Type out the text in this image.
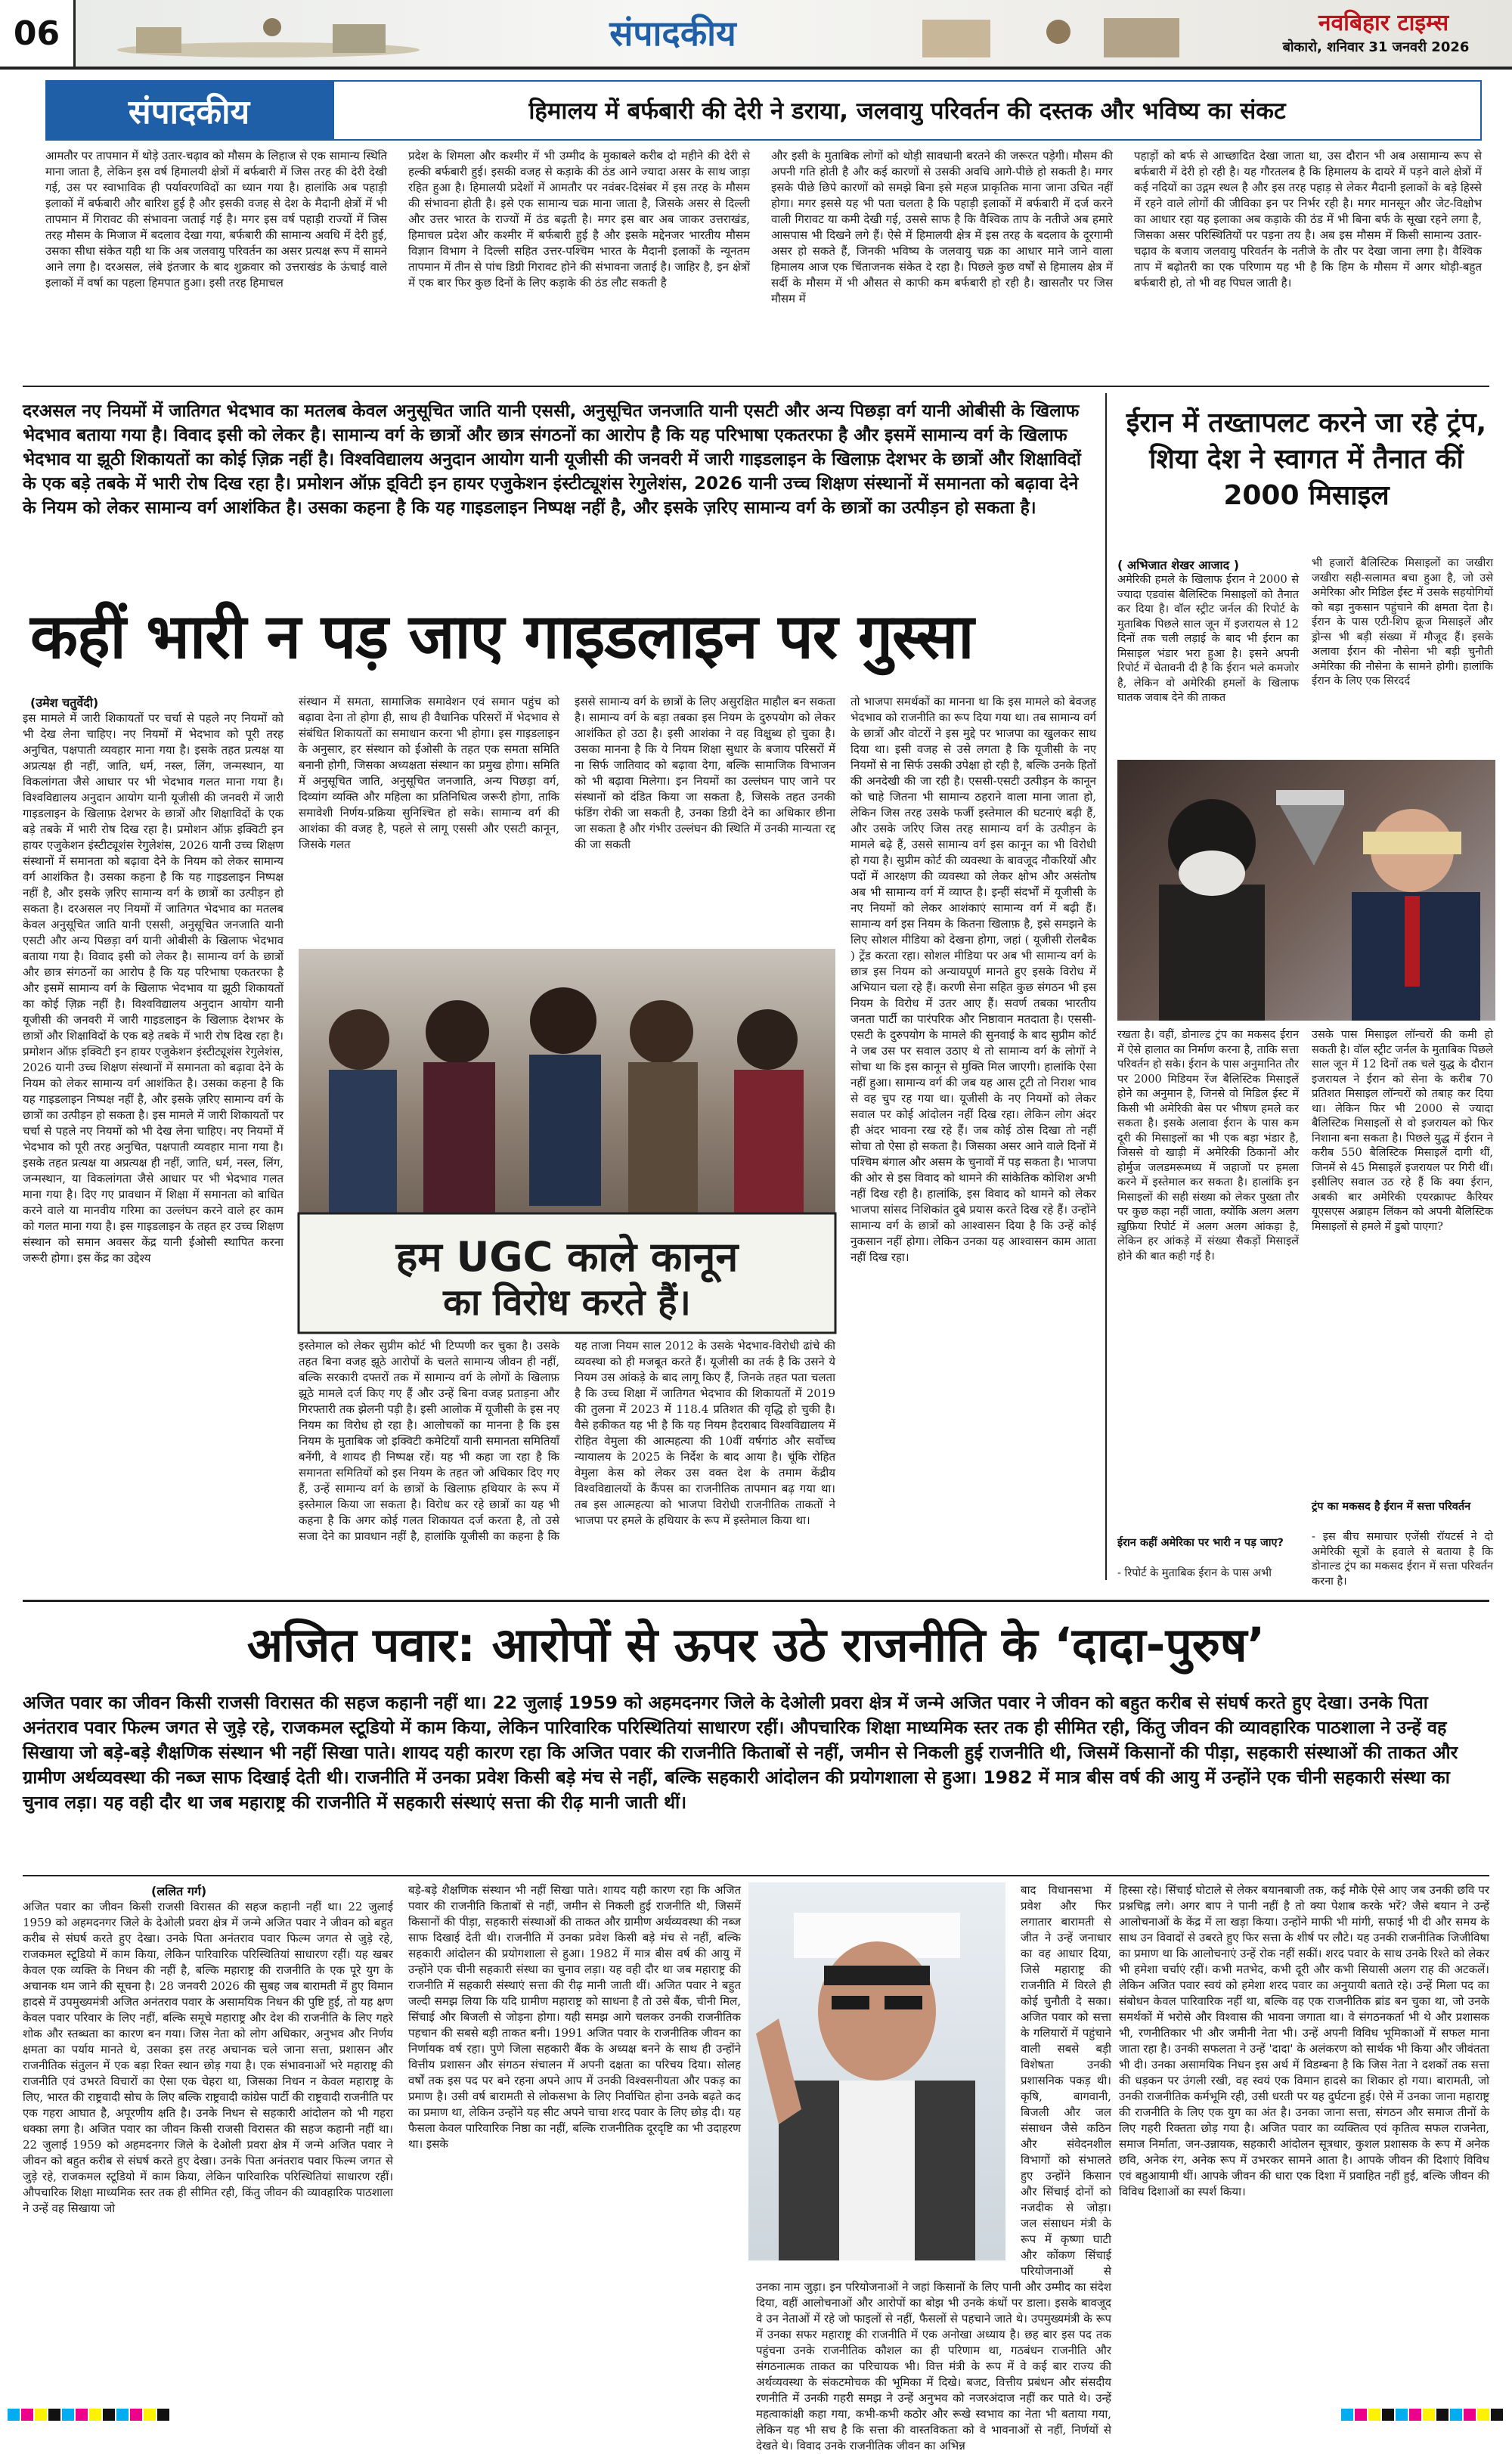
06	संपादकीय	नवबिहार टाइम्स
बोकारो, शनिवार 31 जनवरी 2026
संपादकीय	हिमालय में बर्फबारी की देरी ने डराया, जलवायु परिवर्तन की दस्तक और भविष्य का संकट
आमतौर पर तापमान में थोड़े उतार-चढ़ाव को मौसम के लिहाज से एक सामान्य स्थिति माना जाता है, लेकिन इस वर्ष हिमालयी क्षेत्रों में बर्फबारी में जिस तरह की देरी देखी गई, उस पर स्वाभाविक ही पर्यावरणविदों का ध्यान गया है। हालांकि अब पहाड़ी इलाकों में बर्फबारी और बारिश हुई है और इसकी वजह से देश के मैदानी क्षेत्रों में भी तापमान में गिरावट की संभावना जताई गई है। मगर इस वर्ष पहाड़ी राज्यों में जिस तरह मौसम के मिजाज में बदलाव देखा गया, बर्फबारी की सामान्य अवधि में देरी हुई, उसका सीधा संकेत यही था कि अब जलवायु परिवर्तन का असर प्रत्यक्ष रूप में सामने आने लगा है। दरअसल, लंबे इंतजार के बाद शुक्रवार को उत्तराखंड के ऊंचाई वाले इलाकों में वर्षा का पहला हिमपात हुआ। इसी तरह हिमाचल
प्रदेश के शिमला और कश्मीर में भी उम्मीद के मुकाबले करीब दो महीने की देरी से हल्की बर्फबारी हुई। इसकी वजह से कड़ाके की ठंड आने ज्यादा असर के साथ जाड़ा रहित हुआ है। हिमालयी प्रदेशों में आमतौर पर नवंबर-दिसंबर में इस तरह के मौसम की संभावना होती है। इसे एक सामान्य चक्र माना जाता है, जिसके असर से दिल्ली और उत्तर भारत के राज्यों में ठंड बढ़ती है। मगर इस बार अब जाकर उत्तराखंड, हिमाचल प्रदेश और कश्मीर में बर्फबारी हुई है और इसके मद्देनजर भारतीय मौसम विज्ञान विभाग ने दिल्ली सहित उत्तर-पश्चिम भारत के मैदानी इलाकों के न्यूनतम तापमान में तीन से पांच डिग्री गिरावट होने की संभावना जताई है। जाहिर है, इन क्षेत्रों में एक बार फिर कुछ दिनों के लिए कड़ाके की ठंड लौट सकती है
और इसी के मुताबिक लोगों को थोड़ी सावधानी बरतने की जरूरत पड़ेगी। मौसम की अपनी गति होती है और कई कारणों से उसकी अवधि आगे-पीछे हो सकती है। मगर इसके पीछे छिपे कारणों को समझे बिना इसे महज प्राकृतिक माना जाना उचित नहीं होगा। मगर इससे यह भी पता चलता है कि पहाड़ी इलाकों में बर्फबारी में दर्ज करने वाली गिरावट या कमी देखी गई, उससे साफ है कि वैश्विक ताप के नतीजे अब हमारे आसपास भी दिखने लगे हैं। ऐसे में हिमालयी क्षेत्र में इस तरह के बदलाव के दूरगामी असर हो सकते हैं, जिनकी भविष्य के जलवायु चक्र का आधार माने जाने वाला हिमालय आज एक चिंताजनक संकेत दे रहा है। पिछले कुछ वर्षों से हिमालय क्षेत्र में सर्दी के मौसम में भी औसत से काफी कम बर्फबारी हो रही है। खासतौर पर जिस मौसम में
पहाड़ों को बर्फ से आच्छादित देखा जाता था, उस दौरान भी अब असामान्य रूप से बर्फबारी में देरी हो रही है। यह गौरतलब है कि हिमालय के दायरे में पड़ने वाले क्षेत्रों में कई नदियों का उद्गम स्थल है और इस तरह पहाड़ से लेकर मैदानी इलाकों के बड़े हिस्से में रहने वाले लोगों की जीविका इन पर निर्भर रही है। मगर मानसून और जेट-विक्षोभ का आधार रहा यह इलाका अब कड़ाके की ठंड में भी बिना बर्फ के सूखा रहने लगा है, जिसका असर परिस्थितियों पर पड़ना तय है। अब इस मौसम में किसी सामान्य उतार-चढ़ाव के बजाय जलवायु परिवर्तन के नतीजे के तौर पर देखा जाना लगा है। वैश्विक ताप में बढ़ोतरी का एक परिणाम यह भी है कि हिम के मौसम में अगर थोड़ी-बहुत बर्फबारी हो, तो भी वह पिघल जाती है।
दरअसल नए नियमों में जातिगत भेदभाव का मतलब केवल अनुसूचित जाति यानी एससी, अनुसूचित जनजाति यानी एसटी और अन्य पिछड़ा वर्ग यानी ओबीसी के खिलाफ भेदभाव बताया गया है। विवाद इसी को लेकर है। सामान्य वर्ग के छात्रों और छात्र संगठनों का आरोप है कि यह परिभाषा एकतरफा है और इसमें सामान्य वर्ग के खिलाफ भेदभाव या झूठी शिकायतों का कोई ज़िक्र नहीं है। विश्वविद्यालय अनुदान आयोग यानी यूजीसी की जनवरी में जारी गाइडलाइन के खिलाफ़ देशभर के छात्रों और शिक्षाविदों के एक बड़े तबके में भारी रोष दिख रहा है। प्रमोशन ऑफ़ इ्विटी इन हायर एजुकेशन इंस्टीट्यूशंस रेगुलेशंस, 2026 यानी उच्च शिक्षण संस्थानों में समानता को बढ़ावा देने के नियम को लेकर सामान्य वर्ग आशंकित है। उसका कहना है कि यह गाइडलाइन निष्पक्ष नहीं है, और इसके ज़रिए सामान्य वर्ग के छात्रों का उत्पीड़न हो सकता है।
कहीं भारी न पड़ जाए गाइडलाइन पर गुस्सा
(उमेश चतुर्वेदी)
इस मामले में जारी शिकायतों पर चर्चा से पहले नए नियमों को भी देख लेना चाहिए। नए नियमों में भेदभाव को पूरी तरह अनुचित, पक्षपाती व्यवहार माना गया है। इसके तहत प्रत्यक्ष या अप्रत्यक्ष ही नहीं, जाति, धर्म, नस्ल, लिंग, जन्मस्थान, या विकलांगता जैसे आधार पर भी भेदभाव गलत माना गया है। विश्वविद्यालय अनुदान आयोग यानी यूजीसी की जनवरी में जारी गाइडलाइन के खिलाफ़ देशभर के छात्रों और शिक्षाविदों के एक बड़े तबके में भारी रोष दिख रहा है। प्रमोशन ऑफ़ इक्विटी इन हायर एजुकेशन इंस्टीट्यूशंस रेगुलेशंस, 2026 यानी उच्च शिक्षण संस्थानों में समानता को बढ़ावा देने के नियम को लेकर सामान्य वर्ग आशंकित है। उसका कहना है कि यह गाइडलाइन निष्पक्ष नहीं है, और इसके ज़रिए सामान्य वर्ग के छात्रों का उत्पीड़न हो सकता है। दरअसल नए नियमों में जातिगत भेदभाव का मतलब केवल अनुसूचित जाति यानी एससी, अनुसूचित जनजाति यानी एसटी और अन्य पिछड़ा वर्ग यानी ओबीसी के खिलाफ भेदभाव बताया गया है। विवाद इसी को लेकर है। सामान्य वर्ग के छात्रों और छात्र संगठनों का आरोप है कि यह परिभाषा एकतरफा है और इसमें सामान्य वर्ग के खिलाफ भेदभाव या झूठी शिकायतों का कोई ज़िक्र नहीं है। विश्वविद्यालय अनुदान आयोग यानी यूजीसी की जनवरी में जारी गाइडलाइन के खिलाफ़ देशभर के छात्रों और शिक्षाविदों के एक बड़े तबके में भारी रोष दिख रहा है। प्रमोशन ऑफ़ इक्विटी इन हायर एजुकेशन इंस्टीट्यूशंस रेगुलेशंस, 2026 यानी उच्च शिक्षण संस्थानों में समानता को बढ़ावा देने के नियम को लेकर सामान्य वर्ग आशंकित है। उसका कहना है कि यह गाइडलाइन निष्पक्ष नहीं है, और इसके ज़रिए सामान्य वर्ग के छात्रों का उत्पीड़न हो सकता है। इस मामले में जारी शिकायतों पर चर्चा से पहले नए नियमों को भी देख लेना चाहिए। नए नियमों में भेदभाव को पूरी तरह अनुचित, पक्षपाती व्यवहार माना गया है। इसके तहत प्रत्यक्ष या अप्रत्यक्ष ही नहीं, जाति, धर्म, नस्ल, लिंग, जन्मस्थान, या विकलांगता जैसे आधार पर भी भेदभाव गलत माना गया है। दिए गए प्रावधान में शिक्षा में समानता को बाधित करने वाले या मानवीय गरिमा का उल्लंघन करने वाले हर काम को गलत माना गया है। इस गाइडलाइन के तहत हर उच्च शिक्षण संस्थान को समान अवसर केंद्र यानी ईओसी स्थापित करना जरूरी होगा। इस केंद्र का उद्देश्य
संस्थान में समता, सामाजिक समावेशन एवं समान पहुंच को बढ़ावा देना तो होगा ही, साथ ही वैधानिक परिसरों में भेदभाव से संबंधित शिकायतों का समाधान करना भी होगा। इस गाइडलाइन के अनुसार, हर संस्थान को ईओसी के तहत एक समता समिति बनानी होगी, जिसका अध्यक्षता संस्थान का प्रमुख होगा। समिति में अनुसूचित जाति, अनुसूचित जनजाति, अन्य पिछड़ा वर्ग, दिव्यांग व्यक्ति और महिला का प्रतिनिधित्व जरूरी होगा, ताकि समावेशी निर्णय-प्रक्रिया सुनिश्चित हो सके। सामान्य वर्ग की आशंका की वजह है, पहले से लागू एससी और एसटी कानून, जिसके गलत
इससे सामान्य वर्ग के छात्रों के लिए असुरक्षित माहौल बन सकता है। सामान्य वर्ग के बड़ा तबका इस नियम के दुरुपयोग को लेकर आशंकित हो उठा है। इसी आशंका ने वह विक्षुब्ध हो चुका है। उसका मानना है कि ये नियम शिक्षा सुधार के बजाय परिसरों में ना सिर्फ जातिवाद को बढ़ावा देगा, बल्कि सामाजिक विभाजन को भी बढ़ावा मिलेगा। इन नियमों का उल्लंघन पाए जाने पर संस्थानों को दंडित किया जा सकता है, जिसके तहत उनकी फंडिंग रोकी जा सकती है, उनका डिग्री देने का अधिकार छीना जा सकता है और गंभीर उल्लंघन की स्थिति में उनकी मान्यता रद्द की जा सकती
हम UGC काले कानून
का विरोध करते हैं।
इस्तेमाल को लेकर सुप्रीम कोर्ट भी टिप्पणी कर चुका है। उसके तहत बिना वजह झूठे आरोपों के चलते सामान्य जीवन ही नहीं, बल्कि सरकारी दफ्तरों तक में सामान्य वर्ग के लोगों के खिलाफ़ झूठे मामले दर्ज किए गए हैं और उन्हें बिना वजह प्रताड़ना और गिरफ्तारी तक झेलनी पड़ी है। इसी आलोक में यूजीसी के इस नए नियम का विरोध हो रहा है। आलोचकों का मानना है कि इस नियम के मुताबिक जो इक्विटी कमेटियाँ यानी समानता समितियाँ बनेंगी, वे शायद ही निष्पक्ष रहें। यह भी कहा जा रहा है कि समानता समितियों को इस नियम के तहत जो अधिकार दिए गए हैं, उन्हें सामान्य वर्ग के छात्रों के खिलाफ़ हथियार के रूप में इस्तेमाल किया जा सकता है। विरोध कर रहे छात्रों का यह भी कहना है कि अगर कोई गलत शिकायत दर्ज करता है, तो उसे सजा देने का प्रावधान नहीं है, हालांकि यूजीसी का कहना है कि यह ताजा नियम साल 2012 के उसके भेदभाव-विरोधी ढांचे की व्यवस्था को ही मजबूत करते हैं। यूजीसी का तर्क है कि उसने ये नियम उस आंकड़े के बाद लागू किए हैं, जिनके तहत पता चलता है कि उच्च शिक्षा में जातिगत भेदभाव की शिकायतों में 2019 की तुलना में 2023 में 118.4 प्रतिशत की वृद्धि हो चुकी है। वैसे हकीकत यह भी है कि यह नियम हैदराबाद विश्वविद्यालय में रोहित वेमुला की आत्महत्या की 10वीं वर्षगांठ और सर्वोच्च न्यायालय के 2025 के निर्देश के बाद आया है। चूंकि रोहित वेमुला केस को लेकर उस वक्त देश के तमाम केंद्रीय विश्वविद्यालयों के कैंपस का राजनीतिक तापमान बढ़ गया था। तब इस आत्महत्या को भाजपा विरोधी राजनीतिक ताकतों ने भाजपा पर हमले के हथियार के रूप में इस्तेमाल किया था।
तो भाजपा समर्थकों का मानना था कि इस मामले को बेवजह भेदभाव को राजनीति का रूप दिया गया था। तब सामान्य वर्ग के छात्रों और वोटरों ने इस मुद्दे पर भाजपा का खुलकर साथ दिया था। इसी वजह से उसे लगता है कि यूजीसी के नए नियमों से ना सिर्फ उसकी उपेक्षा हो रही है, बल्कि उनके हितों की अनदेखी की जा रही है। एससी-एसटी उत्पीड़न के कानून को चाहे जितना भी सामान्य ठहराने वाला माना जाता हो, लेकिन जिस तरह उसके फर्जी इस्तेमाल की घटनाएं बढ़ी हैं, और उसके जरिए जिस तरह सामान्य वर्ग के उत्पीड़न के मामले बढ़े हैं, उससे सामान्य वर्ग इस कानून का भी विरोधी हो गया है। सुप्रीम कोर्ट की व्यवस्था के बावजूद नौकरियों और पदों में आरक्षण की व्यवस्था को लेकर क्षोभ और असंतोष अब भी सामान्य वर्ग में व्याप्त है। इन्हीं संदर्भों में यूजीसी के नए नियमों को लेकर आशंकाएं सामान्य वर्ग में बढ़ी हैं। सामान्य वर्ग इस नियम के कितना खिलाफ़ है, इसे समझने के लिए सोशल मीडिया को देखना होगा, जहां ( यूजीसी रोलबैक ) ट्रेंड करता रहा। सोशल मीडिया पर अब भी सामान्य वर्ग के छात्र इस नियम को अन्यायपूर्ण मानते हुए इसके विरोध में अभियान चला रहे हैं। करणी सेना सहित कुछ संगठन भी इस नियम के विरोध में उतर आए हैं। सवर्ण तबका भारतीय जनता पार्टी का पारंपरिक और निष्ठावान मतदाता है। एससी-एसटी के दुरुपयोग के मामले की सुनवाई के बाद सुप्रीम कोर्ट ने जब उस पर सवाल उठाए थे तो सामान्य वर्ग के लोगों ने सोचा था कि इस कानून से मुक्ति मिल जाएगी। हालांकि ऐसा नहीं हुआ। सामान्य वर्ग की जब यह आस टूटी तो निराश भाव से वह चुप रह गया था। यूजीसी के नए नियमों को लेकर सवाल पर कोई आंदोलन नहीं दिख रहा। लेकिन लोग अंदर ही अंदर भावना रख रहे हैं। जब कोई ठोस दिखा तो नहीं सोचा तो ऐसा हो सकता है। जिसका असर आने वाले दिनों में पश्चिम बंगाल और असम के चुनावों में पड़ सकता है। भाजपा की ओर से इस विवाद को थामने की सांकेतिक कोशिश अभी नहीं दिख रही है। हालांकि, इस विवाद को थामने को लेकर भाजपा सांसद निशिकांत दुबे प्रयास करते दिख रहे हैं। उन्होंने सामान्य वर्ग के छात्रों को आश्वासन दिया है कि उन्हें कोई नुकसान नहीं होगा। लेकिन उनका यह आश्वासन काम आता नहीं दिख रहा।
ईरान में तख्तापलट करने जा रहे ट्रंप, शिया देश ने स्वागत में तैनात कीं 2000 मिसाइल
( अभिजात शेखर आजाद )
अमेरिकी हमले के खिलाफ ईरान ने 2000 से ज्यादा एडवांस बैलिस्टिक मिसाइलों को तैनात कर दिया है। वॉल स्ट्रीट जर्नल की रिपोर्ट के मुताबिक पिछले साल जून में इजरायल से 12 दिनों तक चली लड़ाई के बाद भी ईरान का मिसाइल भंडार भरा हुआ है। इसने अपनी रिपोर्ट में चेतावनी दी है कि ईरान भले कमजोर है, लेकिन वो अमेरिकी हमलों के खिलाफ घातक जवाब देने की ताकत
भी हजारों बैलिस्टिक मिसाइलों का जखीरा जखीरा सही-सलामत बचा हुआ है, जो उसे अमेरिका और मिडिल ईस्ट में उसके सहयोगियों को बड़ा नुकसान पहुंचाने की क्षमता देता है। ईरान के पास एटी-शिप क्रूज मिसाइलें और ड्रोन्स भी बड़ी संख्या में मौजूद हैं। इसके अलावा ईरान की नौसेना भी बड़ी चुनौती अमेरिका की नौसेना के सामने होगी। हालांकि ईरान के लिए एक सिरदर्द
रखता है। वहीं, डोनाल्ड ट्रंप का मकसद ईरान में ऐसे हालात का निर्माण करना है, ताकि सत्ता परिवर्तन हो सके। ईरान के पास अनुमानित तौर पर 2000 मिडियम रेंज बैलिस्टिक मिसाइलें होने का अनुमान है, जिनसे वो मिडिल ईस्ट में किसी भी अमेरिकी बेस पर भीषण हमले कर सकता है। इसके अलावा ईरान के पास कम दूरी की मिसाइलों का भी एक बड़ा भंडार है, जिससे वो खाड़ी में अमेरिकी ठिकानों और होर्मुज जलडमरूमध्य में जहाजों पर हमला करने में इस्तेमाल कर सकता है। हालांकि इन मिसाइलों की सही संख्या को लेकर पुख्ता तौर पर कुछ कहा नहीं जाता, क्योंकि अलग अलग ख़ुफ़िया रिपोर्ट में अलग अलग आंकड़ा है, लेकिन हर आंकड़े में संख्या सैकड़ों मिसाइलें होने की बात कही गई है।
ईरान कहीं अमेरिका पर भारी न पड़ जाए?
- रिपोर्ट के मुताबिक ईरान के पास अभी
उसके पास मिसाइल लॉन्चरों की कमी हो सकती है। वॉल स्ट्रीट जर्नल के मुताबिक पिछले साल जून में 12 दिनों तक चले युद्ध के दौरान इजरायल ने ईरान को सेना के करीब 70 प्रतिशत मिसाइल लॉन्चरों को तबाह कर दिया था। लेकिन फिर भी 2000 से ज्यादा बैलिस्टिक मिसाइलों से वो इजरायल को फिर निशाना बना सकता है। पिछले युद्ध में ईरान ने करीब 550 बैलिस्टिक मिसाइलें दागी थीं, जिनमें से 45 मिसाइलें इजरायल पर गिरी थीं। इसीलिए सवाल उठ रहे हैं कि क्या ईरान, अबकी बार अमेरिकी एयरक्राफ्ट कैरियर यूएसएस अब्राहम लिंकन को अपनी बैलिस्टिक मिसाइलों से हमले में डुबो पाएगा?
ट्रंप का मकसद है ईरान में सत्ता परिवर्तन
- इस बीच समाचार एजेंसी रॉयटर्स ने दो अमेरिकी सूत्रों के हवाले से बताया है कि डोनाल्ड ट्रंप का मकसद ईरान में सत्ता परिवर्तन करना है।
अजित पवार: आरोपों से ऊपर उठे राजनीति के ‘दादा-पुरुष’
अजित पवार का जीवन किसी राजसी विरासत की सहज कहानी नहीं था। 22 जुलाई 1959 को अहमदनगर जिले के देओली प्रवरा क्षेत्र में जन्मे अजित पवार ने जीवन को बहुत करीब से संघर्ष करते हुए देखा। उनके पिता अनंतराव पवार फिल्म जगत से जुड़े रहे, राजकमल स्टूडियो में काम किया, लेकिन पारिवारिक परिस्थितियां साधारण रहीं। औपचारिक शिक्षा माध्यमिक स्तर तक ही सीमित रही, किंतु जीवन की व्यावहारिक पाठशाला ने उन्हें वह सिखाया जो बड़े-बड़े शैक्षणिक संस्थान भी नहीं सिखा पाते। शायद यही कारण रहा कि अजित पवार की राजनीति किताबों से नहीं, जमीन से निकली हुई राजनीति थी, जिसमें किसानों की पीड़ा, सहकारी संस्थाओं की ताकत और ग्रामीण अर्थव्यवस्था की नब्ज साफ दिखाई देती थी। राजनीति में उनका प्रवेश किसी बड़े मंच से नहीं, बल्कि सहकारी आंदोलन की प्रयोगशाला से हुआ। 1982 में मात्र बीस वर्ष की आयु में उन्होंने एक चीनी सहकारी संस्था का चुनाव लड़ा। यह वही दौर था जब महाराष्ट्र की राजनीति में सहकारी संस्थाएं सत्ता की रीढ़ मानी जाती थीं।
(ललित गर्ग)
अजित पवार का जीवन किसी राजसी विरासत की सहज कहानी नहीं था। 22 जुलाई 1959 को अहमदनगर जिले के देओली प्रवरा क्षेत्र में जन्मे अजित पवार ने जीवन को बहुत करीब से संघर्ष करते हुए देखा। उनके पिता अनंतराव पवार फिल्म जगत से जुड़े रहे, राजकमल स्टूडियो में काम किया, लेकिन पारिवारिक परिस्थितियां साधारण रहीं। यह खबर केवल एक व्यक्ति के निधन की नहीं है, बल्कि महाराष्ट्र की राजनीति के एक पूरे युग के अचानक थम जाने की सूचना है। 28 जनवरी 2026 की सुबह जब बारामती में हुए विमान हादसे में उपमुख्यमंत्री अजित अनंतराव पवार के असामयिक निधन की पुष्टि हुई, तो यह क्षण केवल पवार परिवार के लिए नहीं, बल्कि समूचे महाराष्ट्र और देश की राजनीति के लिए गहरे शोक और स्तब्धता का कारण बन गया। जिस नेता को लोग अधिकार, अनुभव और निर्णय क्षमता का पर्याय मानते थे, उसका इस तरह अचानक चले जाना सत्ता, प्रशासन और राजनीतिक संतुलन में एक बड़ा रिक्त स्थान छोड़ गया है। एक संभावनाओं भरे महाराष्ट्र की राजनीति एवं उभरते विचारों का ऐसा एक चेहरा था, जिसका निधन न केवल महाराष्ट्र के लिए, भारत की राष्ट्रवादी सोच के लिए बल्कि राष्ट्रवादी कांग्रेस पार्टी की राष्ट्रवादी राजनीति पर एक गहरा आघात है, अपूरणीय क्षति है। उनके निधन से सहकारी आंदोलन को भी गहरा धक्का लगा है। अजित पवार का जीवन किसी राजसी विरासत की सहज कहानी नहीं था। 22 जुलाई 1959 को अहमदनगर जिले के देओली प्रवरा क्षेत्र में जन्मे अजित पवार ने जीवन को बहुत करीब से संघर्ष करते हुए देखा। उनके पिता अनंतराव पवार फिल्म जगत से जुड़े रहे, राजकमल स्टूडियो में काम किया, लेकिन पारिवारिक परिस्थितियां साधारण रहीं। औपचारिक शिक्षा माध्यमिक स्तर तक ही सीमित रही, किंतु जीवन की व्यावहारिक पाठशाला ने उन्हें वह सिखाया जो
बड़े-बड़े शैक्षणिक संस्थान भी नहीं सिखा पाते। शायद यही कारण रहा कि अजित पवार की राजनीति किताबों से नहीं, जमीन से निकली हुई राजनीति थी, जिसमें किसानों की पीड़ा, सहकारी संस्थाओं की ताकत और ग्रामीण अर्थव्यवस्था की नब्ज साफ दिखाई देती थी। राजनीति में उनका प्रवेश किसी बड़े मंच से नहीं, बल्कि सहकारी आंदोलन की प्रयोगशाला से हुआ। 1982 में मात्र बीस वर्ष की आयु में उन्होंने एक चीनी सहकारी संस्था का चुनाव लड़ा। यह वही दौर था जब महाराष्ट्र की राजनीति में सहकारी संस्थाएं सत्ता की रीढ़ मानी जाती थीं। अजित पवार ने बहुत जल्दी समझ लिया कि यदि ग्रामीण महाराष्ट्र को साधना है तो उसे बैंक, चीनी मिल, सिंचाई और बिजली से जोड़ना होगा। यही समझ आगे चलकर उनकी राजनीतिक पहचान की सबसे बड़ी ताकत बनी। 1991 अजित पवार के राजनीतिक जीवन का निर्णायक वर्ष रहा। पुणे जिला सहकारी बैंक के अध्यक्ष बनने के साथ ही उन्होंने वित्तीय प्रशासन और संगठन संचालन में अपनी दक्षता का परिचय दिया। सोलह वर्षों तक इस पद पर बने रहना अपने आप में उनकी विश्वसनीयता और पकड़ का प्रमाण है। उसी वर्ष बारामती से लोकसभा के लिए निर्वाचित होना उनके बढ़ते कद का प्रमाण था, लेकिन उन्होंने यह सीट अपने चाचा शरद पवार के लिए छोड़ दी। यह फैसला केवल पारिवारिक निष्ठा का नहीं, बल्कि राजनीतिक दूरदृष्टि का भी उदाहरण था। इसके
बाद विधानसभा में प्रवेश और फिर लगातार बारामती से जीत ने उन्हें जनाधार का वह आधार दिया, जिसे महाराष्ट्र की राजनीति में विरले ही कोई चुनौती दे सका। अजित पवार को सत्ता के गलियारों में पहुंचाने वाली सबसे बड़ी विशेषता उनकी प्रशासनिक पकड़ थी। कृषि, बागवानी, बिजली और जल संसाधन जैसे कठिन और संवेदनशील विभागों को संभालते हुए उन्होंने किसान और सिंचाई दोनों को नजदीक से जोड़ा। जल संसाधन मंत्री के रूप में कृष्णा घाटी और कोंकण सिंचाई परियोजनाओं से उनका नाम जुड़ा। इन परियोजनाओं ने जहां किसानों के लिए पानी और उम्मीद का संदेश दिया, वहीं आलोचनाओं और आरोपों का बोझ भी उनके कंधों पर डाला। इसके बावजूद वे उन नेताओं में रहे जो फाइलों से नहीं, फैसलों से पहचाने जाते थे। उपमुख्यमंत्री के रूप में उनका सफर महाराष्ट्र की राजनीति में एक अनोखा अध्याय है। छह बार इस पद तक पहुंचना उनके राजनीतिक कौशल का ही परिणाम था, गठबंधन राजनीति और संगठनात्मक ताकत का परिचायक भी। वित्त मंत्री के रूप में वे कई बार राज्य की अर्थव्यवस्था के संकटमोचक की भूमिका में दिखे। बजट, वित्तीय प्रबंधन और संसदीय रणनीति में उनकी गहरी समझ ने उन्हें अनुभव को नजरअंदाज नहीं कर पाते थे। उन्हें महत्वाकांक्षी कहा गया, कभी-कभी कठोर और रूखे स्वभाव का नेता भी बताया गया, लेकिन यह भी सच है कि सत्ता की वास्तविकता को वे भावनाओं से नहीं, निर्णयों से देखते थे। विवाद उनके राजनीतिक जीवन का अभिन्न
हिस्सा रहे। सिंचाई घोटाले से लेकर बयानबाजी तक, कई मौके ऐसे आए जब उनकी छवि पर प्रश्नचिह्न लगे। अगर बाप ने पानी नहीं है तो क्या पेशाब करके भरें? जैसे बयान ने उन्हें आलोचनाओं के केंद्र में ला खड़ा किया। उन्होंने माफी भी मांगी, सफाई भी दी और समय के साथ उन विवादों से उबरते हुए फिर सत्ता के शीर्ष पर लौटे। यह उनकी राजनीतिक जिजीविषा का प्रमाण था कि आलोचनाएं उन्हें रोक नहीं सकीं। शरद पवार के साथ उनके रिश्ते को लेकर भी हमेशा चर्चाएं रहीं। कभी मतभेद, कभी दूरी और कभी सियासी अलग राह की अटकलें। लेकिन अजित पवार स्वयं को हमेशा शरद पवार का अनुयायी बताते रहे। उन्हें मिला पद का संबोधन केवल पारिवारिक नहीं था, बल्कि वह एक राजनीतिक ब्रांड बन चुका था, जो उनके समर्थकों में भरोसे और विश्वास की भावना जगाता था। वे संगठनकर्ता भी थे और प्रशासक भी, रणनीतिकार भी और जमीनी नेता भी। उन्हें अपनी विविध भूमिकाओं में सफल माना जाता रहा है। उनकी सफलता ने उन्हें 'दादा' के अलंकरण को सार्थक भी किया और जीवंतता भी दी। उनका असामयिक निधन इस अर्थ में विडम्बना है कि जिस नेता ने दशकों तक सत्ता की धड़कन पर उंगली रखी, वह स्वयं एक विमान हादसे का शिकार हो गया। बारामती, जो उनकी राजनीतिक कर्मभूमि रही, उसी धरती पर यह दुर्घटना हुई। ऐसे में उनका जाना महाराष्ट्र की राजनीति के लिए एक युग का अंत है। उनका जाना सत्ता, संगठन और समाज तीनों के लिए गहरी रिक्तता छोड़ गया है। अजित पवार का व्यक्तित्व एवं कृतित्व सफल राजनेता, समाज निर्माता, जन-उन्नायक, सहकारी आंदोलन सूत्रधार, कुशल प्रशासक के रूप में अनेक छवि, अनेक रंग, अनेक रूप में उभरकर सामने आता है। आपके जीवन की दिशाएं विविध एवं बहुआयामी थीं। आपके जीवन की धारा एक दिशा में प्रवाहित नहीं हुई, बल्कि जीवन की विविध दिशाओं का स्पर्श किया।
